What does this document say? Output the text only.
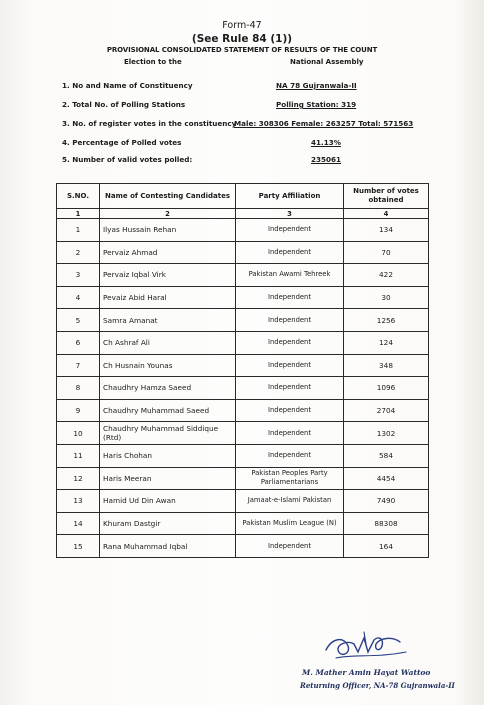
Form-47
(See Rule 84 (1))
PROVISIONAL CONSOLIDATED STATEMENT OF RESULTS OF THE COUNT
Election to the	National Assembly
1. No and Name of Constituency	NA 78 Gujranwala-II
2. Total No. of Polling Stations	Polling Station: 319
3. No. of register votes in the constituency
Male: 308306 Female: 263257 Total: 571563
4. Percentage of Polled votes	41.13%
5. Number of valid votes polled:	235061
S.NO.	Name of Contesting Candidates	Party Affiliation	Number of votes obtained
1	2	3	4
1	Ilyas Hussain Rehan	Independent	134
2	Pervaiz Ahmad	Independent	70
3	Pervaiz Iqbal Virk	Pakistan Awami Tehreek	422
4	Pevaiz Abid Haral	Independent	30
5	Samra Amanat	Independent	1256
6	Ch Ashraf Ali	Independent	124
7	Ch Husnain Younas	Independent	348
8	Chaudhry Hamza Saeed	Independent	1096
9	Chaudhry Muhammad Saeed	Independent	2704
10	Chaudhry Muhammad Siddique (Rtd)	Independent	1302
11	Haris Chohan	Independent	584
12	Haris Meeran	Pakistan Peoples Party Parliamentarians	4454
13	Hamid Ud Din Awan	Jamaat-e-Islami Pakistan	7490
14	Khuram Dastgir	Pakistan Muslim League (N)	88308
15	Rana Muhammad Iqbal	Independent	164
M. Mather Amin Hayat Wattoo
Returning Officer, NA-78 Gujranwala-II
